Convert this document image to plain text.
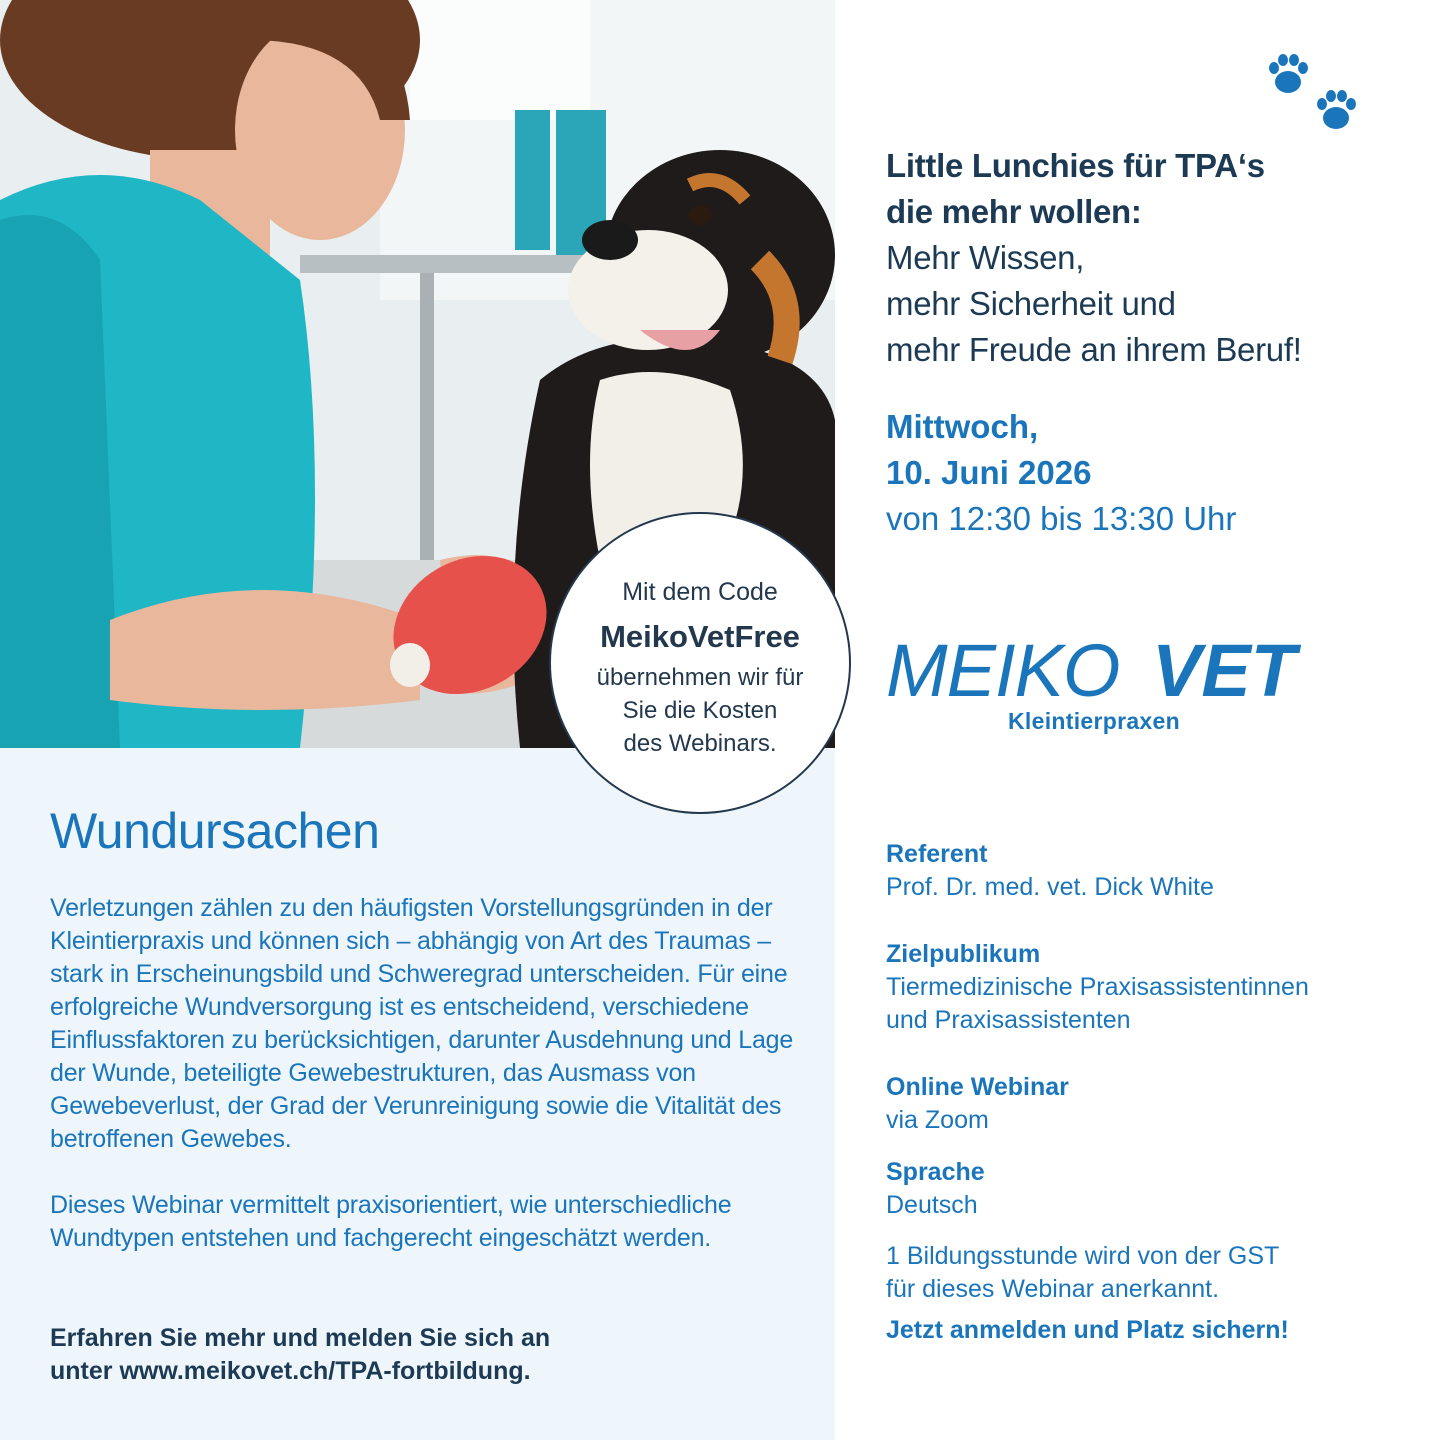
Wundursachen

Verletzungen zählen zu den häufigsten Vorstellungsgründen in der Kleintierpraxis und können sich – abhängig von Art des Traumas – stark in Erscheinungsbild und Schweregrad unterscheiden. Für eine erfolgreiche Wundversorgung ist es entscheidend, verschiedene Einflussfaktoren zu berücksichtigen, darunter Ausdehnung und Lage der Wunde, beteiligte Gewebestrukturen, das Ausmass von Gewebeverlust, der Grad der Verunreinigung sowie die Vitalität des betroffenen Gewebes.

Dieses Webinar vermittelt praxisorientiert, wie unterschiedliche Wundtypen entstehen und fachgerecht eingeschätzt werden.

Erfahren Sie mehr und melden Sie sich an
unter www.meikovet.ch/TPA-fortbildung.
Mit dem Code
MeikoVetFree
übernehmen wir für
Sie die Kosten
des Webinars.
Little Lunchies für TPA‘s
die mehr wollen:
Mehr Wissen,
mehr Sicherheit und
mehr Freude an ihrem Beruf!
Mittwoch,
10. Juni 2026
von 12:30 bis 13:30 Uhr
MEIKO VET
Kleintierpraxen
Referent
Prof. Dr. med. vet. Dick White
Zielpublikum
Tiermedizinische Praxisassistentinnen
und Praxisassistenten
Online Webinar
via Zoom
Sprache
Deutsch
1 Bildungsstunde wird von der GST
für dieses Webinar anerkannt.
Jetzt anmelden und Platz sichern!
